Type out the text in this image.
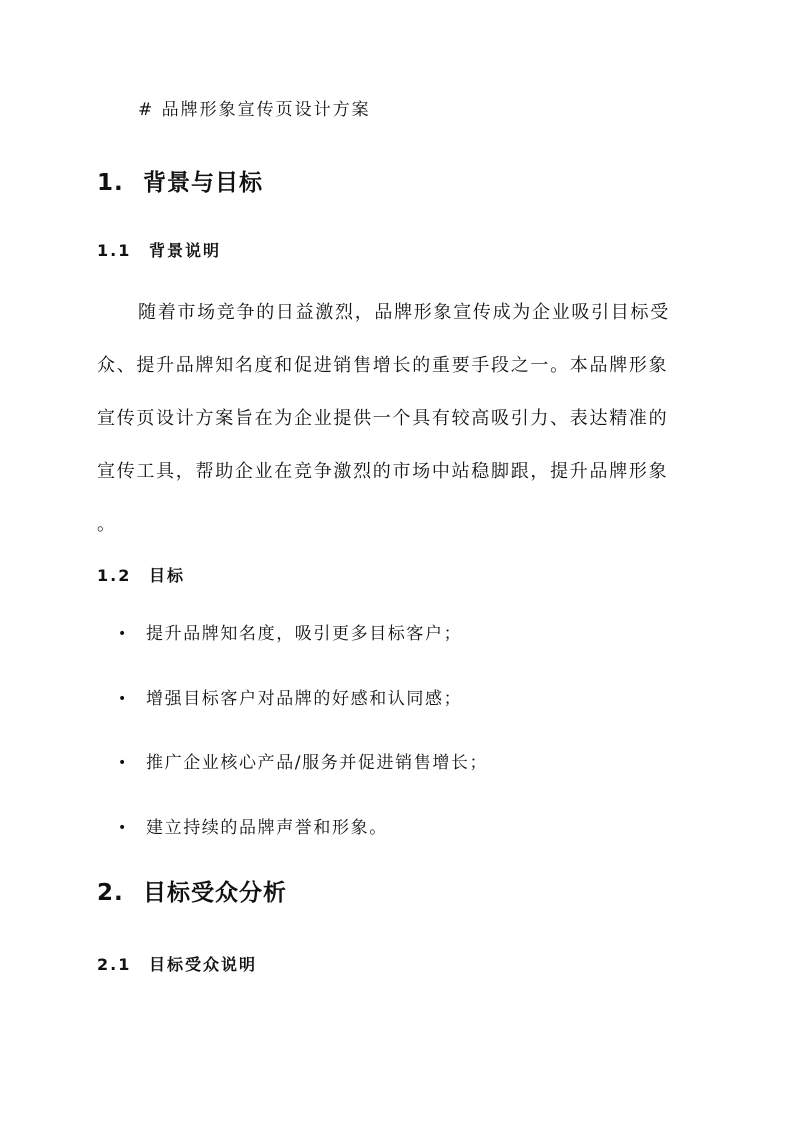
# 品牌形象宣传页设计方案
1. 背景与目标
1.1	背景说明
随着市场竞争的日益激烈，品牌形象宣传成为企业吸引目标受
众、提升品牌知名度和促进销售增长的重要手段之一。本品牌形象
宣传页设计方案旨在为企业提供一个具有较高吸引力、表达精准的
宣传工具，帮助企业在竞争激烈的市场中站稳脚跟，提升品牌形象
。
1.2	目标
•	提升品牌知名度，吸引更多目标客户；
•	增强目标客户对品牌的好感和认同感；
•	推广企业核心产品/服务并促进销售增长；
•	建立持续的品牌声誉和形象。
2. 目标受众分析
2.1	目标受众说明
